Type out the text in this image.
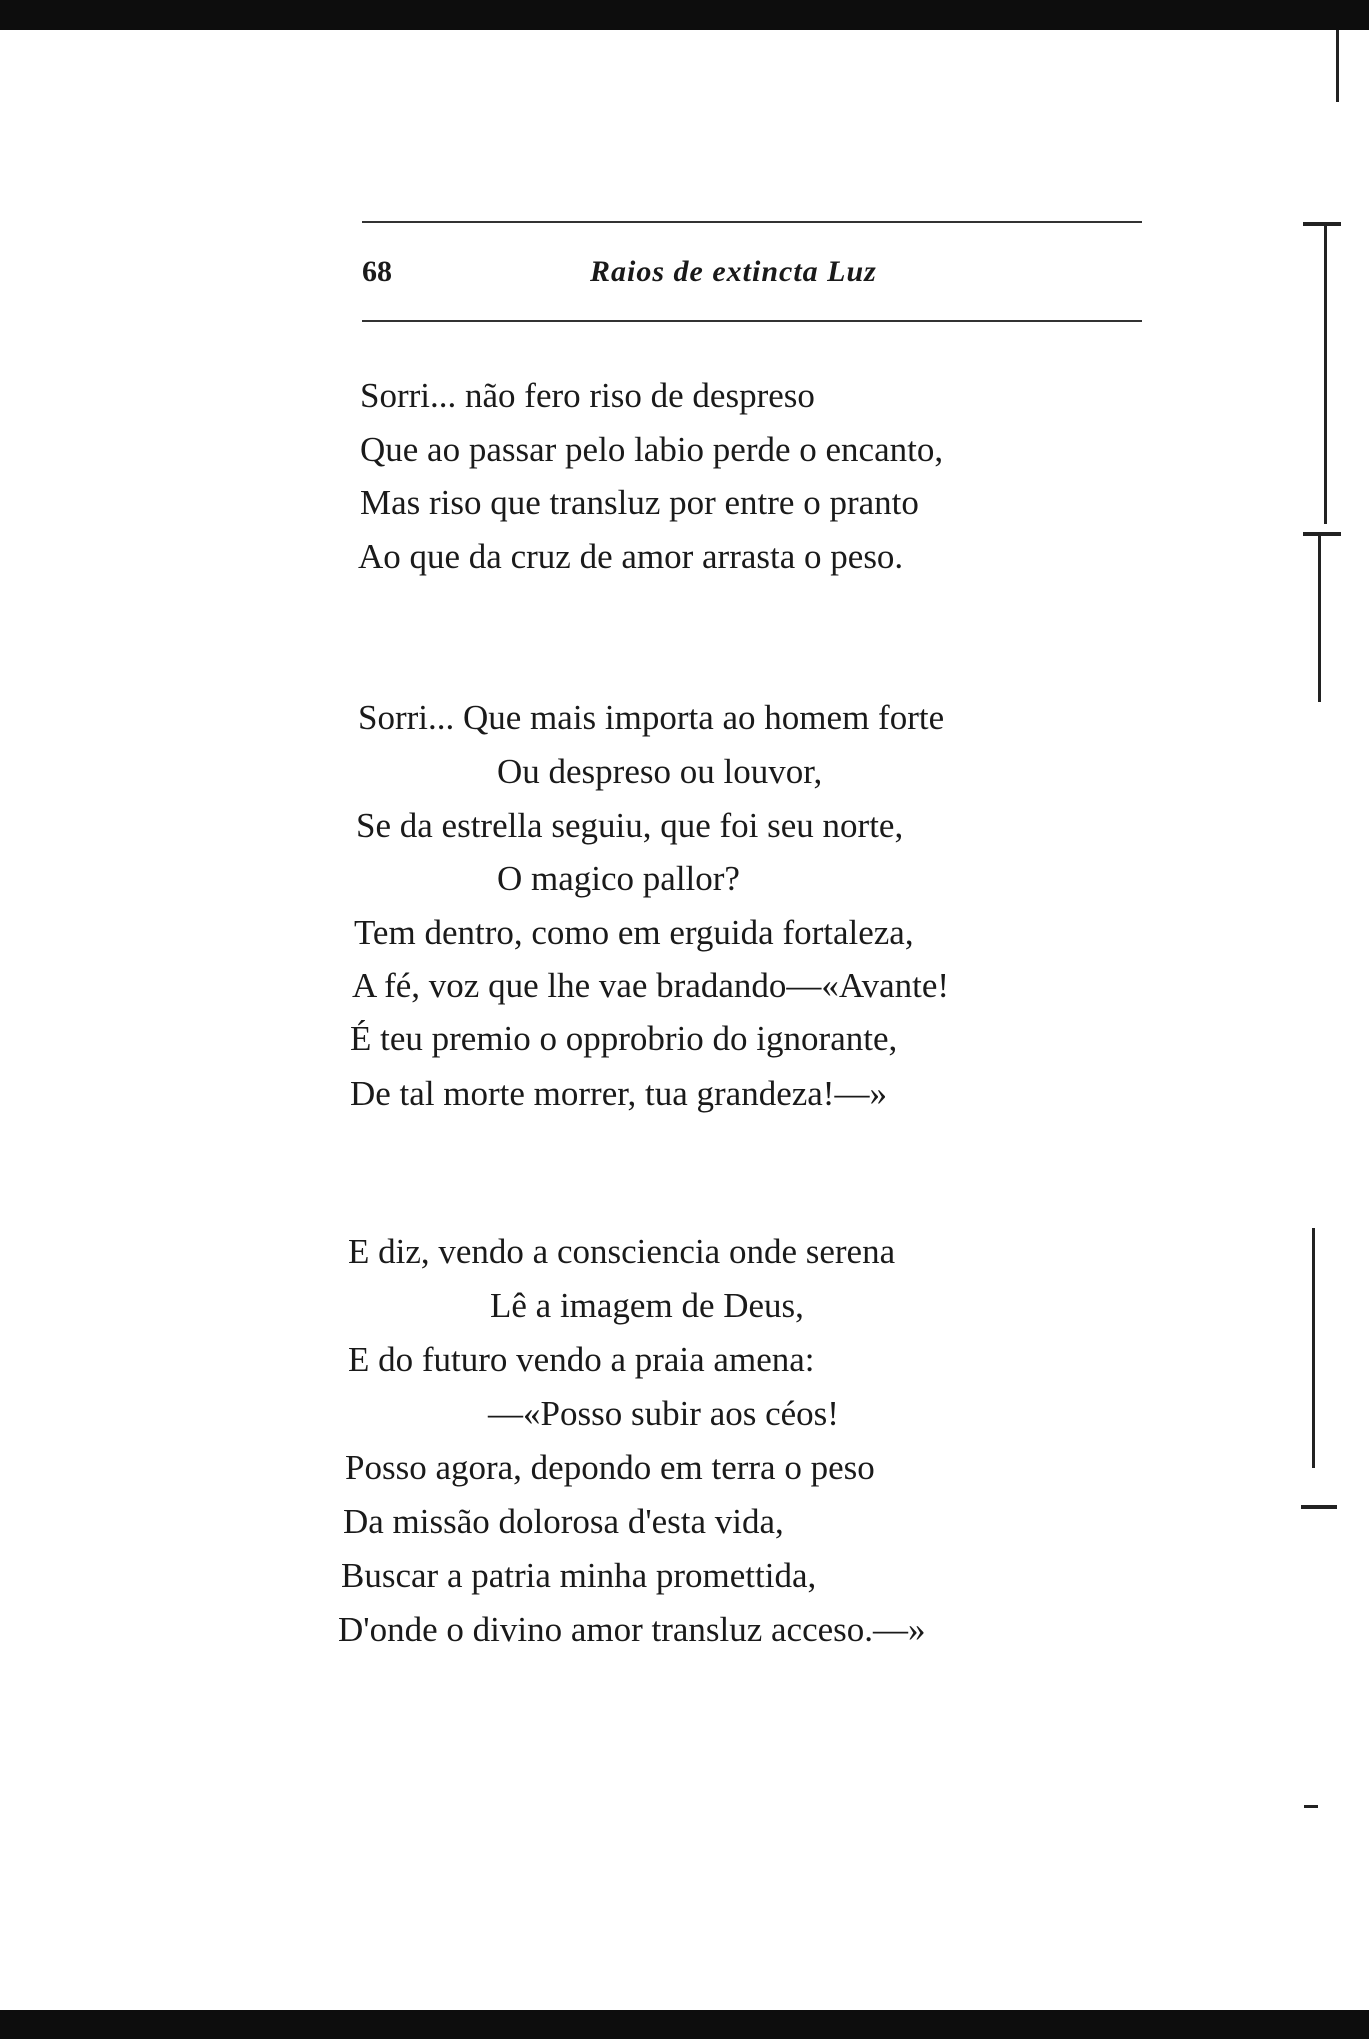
68	Raios de extincta Luz
Sorri... não fero riso de despreso
Que ao passar pelo labio perde o encanto,
Mas riso que transluz por entre o pranto
Ao que da cruz de amor arrasta o peso.
Sorri... Que mais importa ao homem forte
Ou despreso ou louvor,
Se da estrella seguiu, que foi seu norte,
O magico pallor?
Tem dentro, como em erguida fortaleza,
A fé, voz que lhe vae bradando—«Avante!
É teu premio o opprobrio do ignorante,
De tal morte morrer, tua grandeza!—»
E diz, vendo a consciencia onde serena
Lê a imagem de Deus,
E do futuro vendo a praia amena:
—«Posso subir aos céos!
Posso agora, depondo em terra o peso
Da missão dolorosa d'esta vida,
Buscar a patria minha promettida,
D'onde o divino amor transluz acceso.—»
